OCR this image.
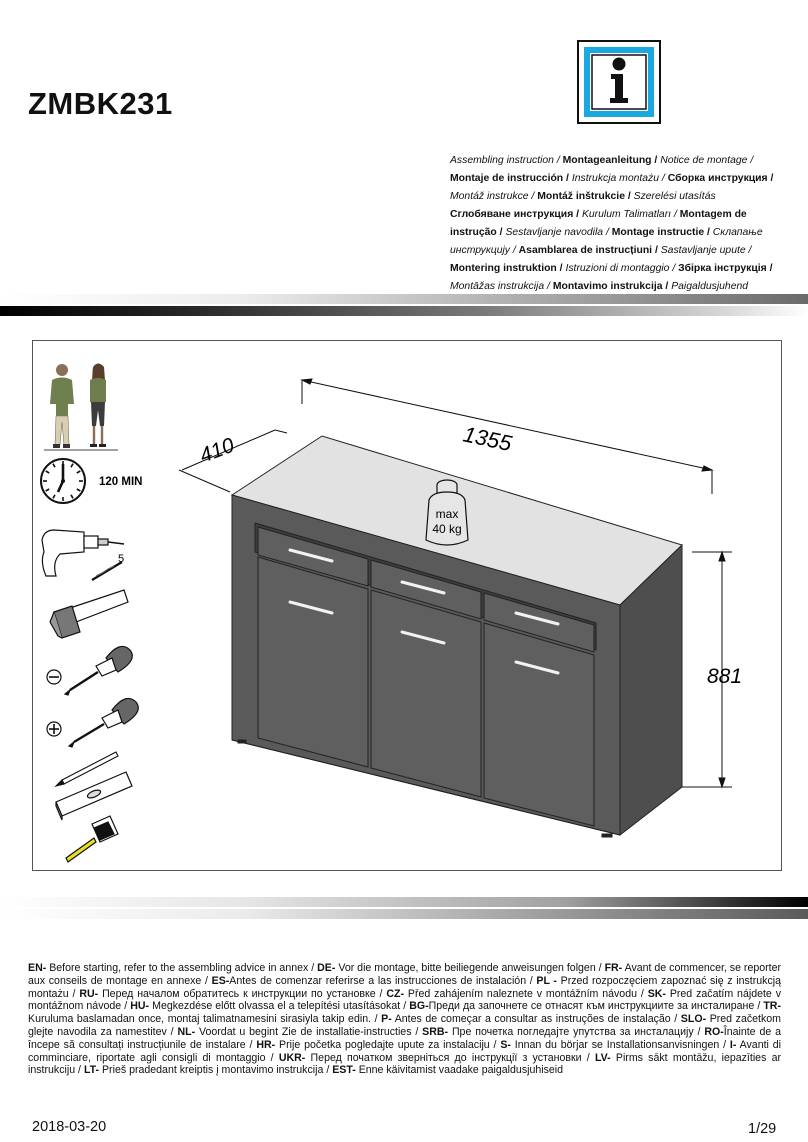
ZMBK231
Assembling instruction / Montageanleitung / Notice de montage /
Montaje de instrucción / Instrukcja montażu / Сборка инструкция /
Montáž instrukce / Montáž inštrukcie / Szerelési utasítás
Сглобяване инструкция / Kurulum Talimatları / Montagem de
instrução / Sestavljanje navodila / Montage instructie / Склапање
инструкцију / Asamblarea de instrucțiuni / Sastavljanje upute /
Montering instruktion / Istruzioni di montaggio / Збірка інструкція /
Montāžas instrukcija / Montavimo instrukcija / Paigaldusjuhend
120 MIN
5
1355
410
881
max
40 kg

EN- Before starting, refer to the assembling advice in annex / DE- Vor die montage, bitte beiliegende anweisungen folgen / FR- Avant de commencer, se reporter aux conseils de montage en annexe / ES-Antes de comenzar referirse a las instrucciones de instalación / PL - Przed rozpoczęciem zapoznać się z instrukcją montażu / RU- Перед началом обратитесь к инструкции по установке / CZ- Před zahájením naleznete v montážním návodu / SK- Pred začatím nájdete v montážnom návode / HU- Megkezdése előtt olvassa el a telepítési utasításokat / BG-Преди да започнете се отнасят към инструкциите за инсталиране / TR- Kuruluma baslamadan once, montaj talimatnamesini sirasiyla takip edin. / P- Antes de começar a consultar as instruções de instalação / SLO- Pred začetkom glejte navodila za namestitev / NL- Voordat u begint Zie de installatie-instructies / SRB- Пре почетка погледајте упутства за инсталацију / RO-Înainte de a începe să consultați instrucțiunile de instalare / HR- Prije početka pogledajte upute za instalaciju / S- Innan du börjar se Installationsanvisningen / I- Avanti di comminciare, riportate agli consigli di montaggio / UKR- Перед початком зверніться до інструкції з установки / LV- Pirms sākt montāžu, iepazīties ar instrukciju / LT- Prieš pradedant kreiptis į montavimo instrukcija / EST- Enne käivitamist vaadake paigaldusjuhiseid

2018-03-20	1/29
